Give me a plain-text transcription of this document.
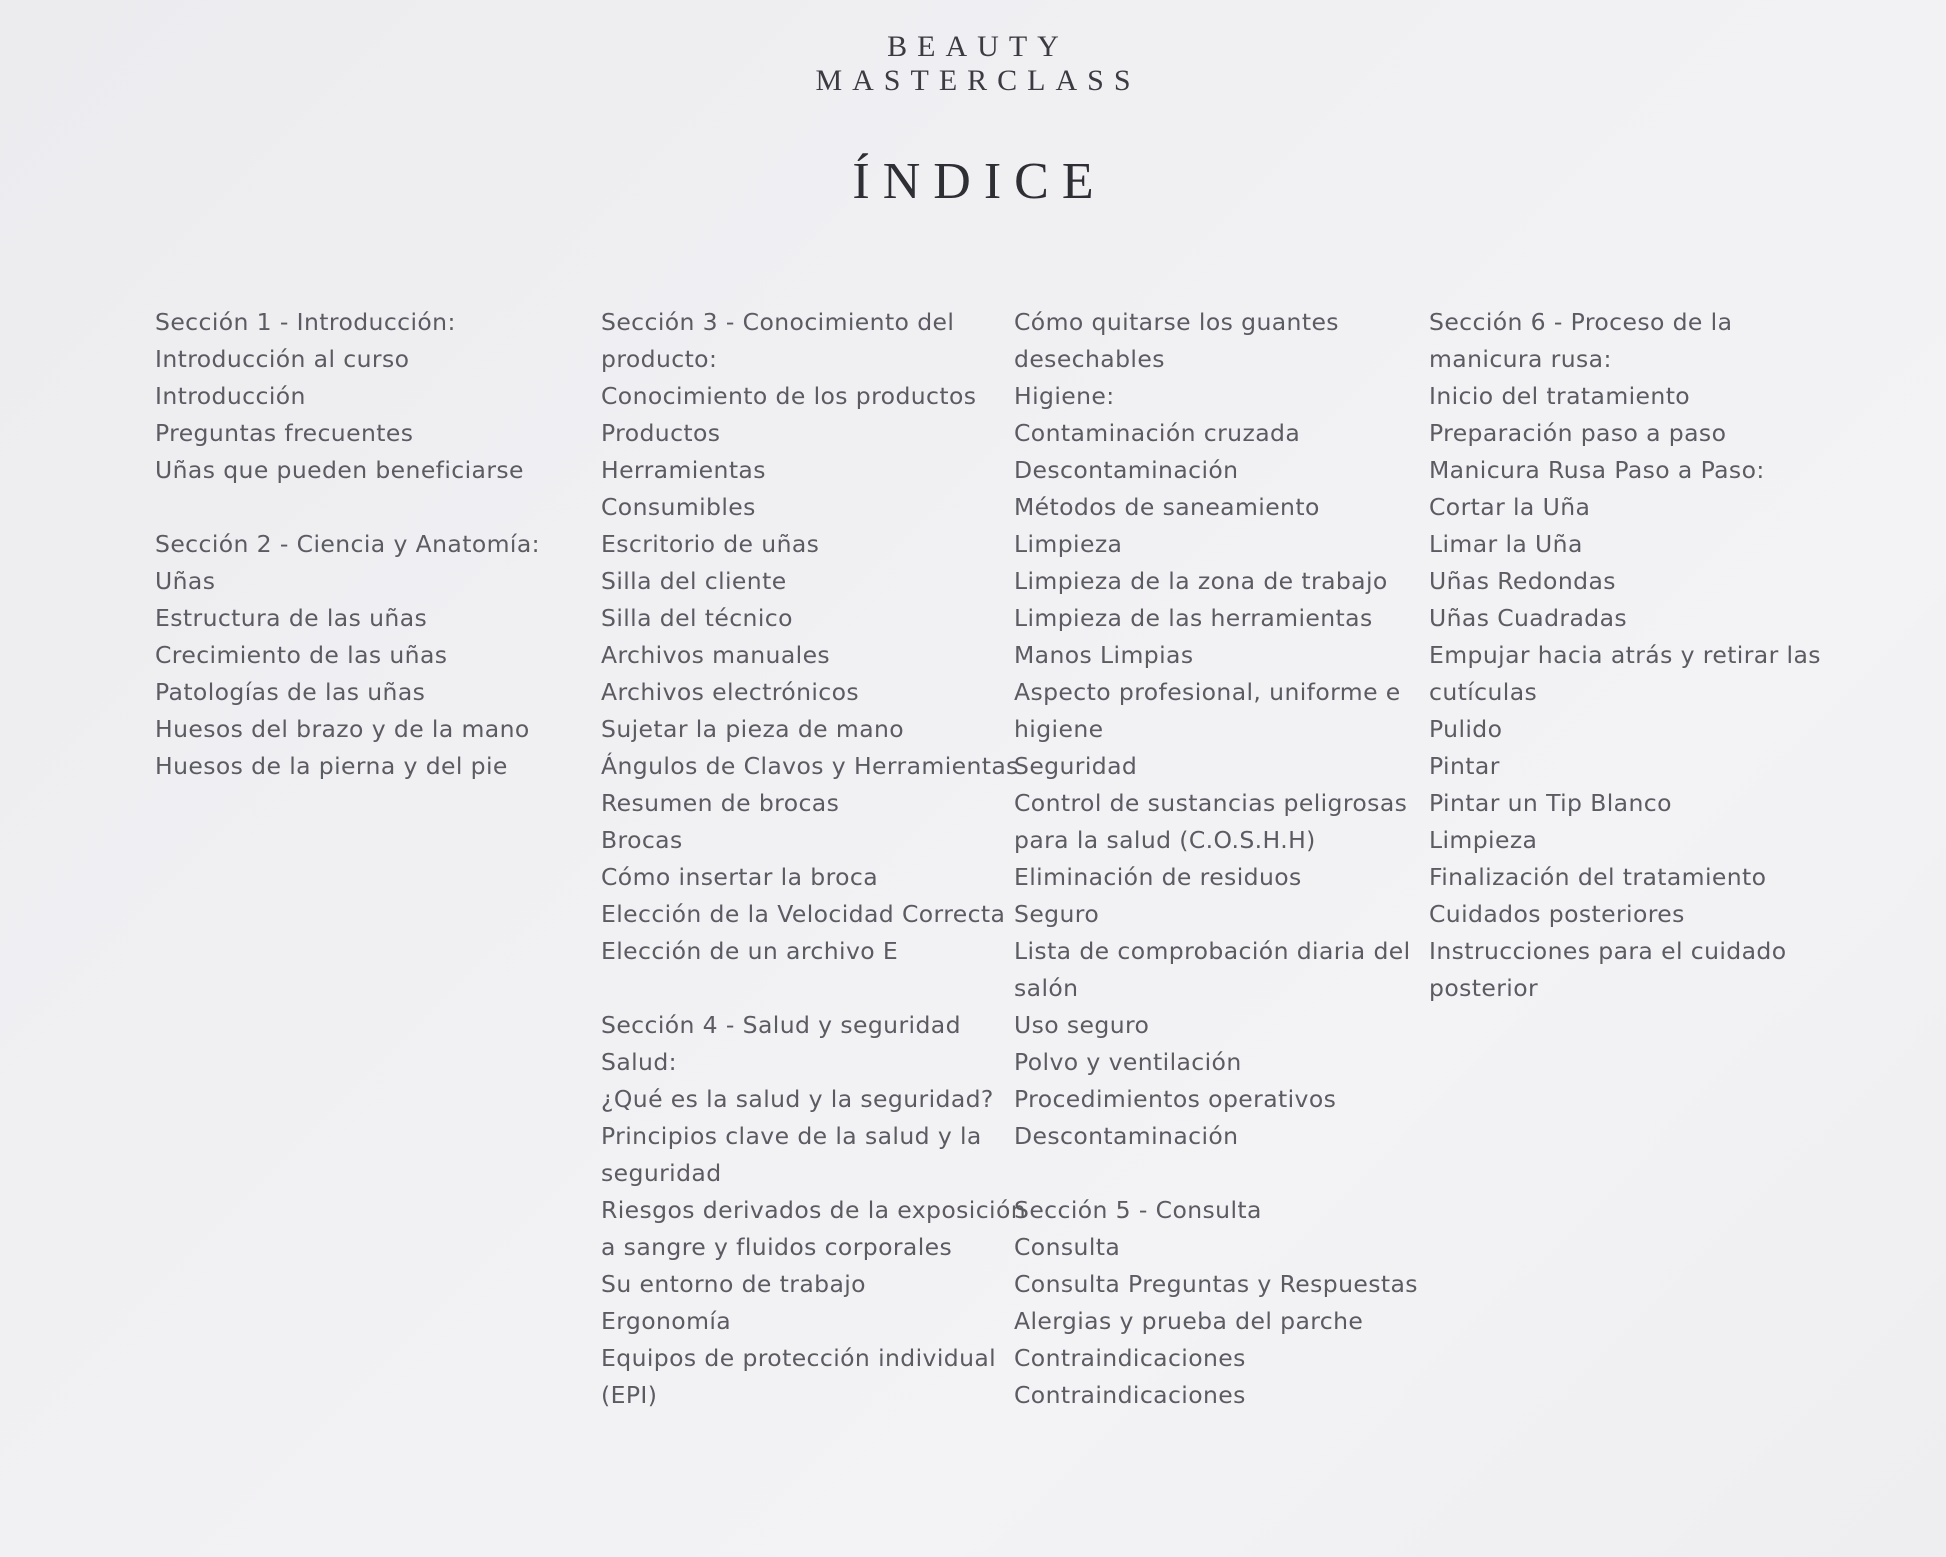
BEAUTY
MASTERCLASS
ÍNDICE
Sección 1 - Introducción:
Introducción al curso
Introducción
Preguntas frecuentes
Uñas que pueden beneficiarse
Sección 2 - Ciencia y Anatomía:
Uñas
Estructura de las uñas
Crecimiento de las uñas
Patologías de las uñas
Huesos del brazo y de la mano
Huesos de la pierna y del pie
Sección 3 - Conocimiento del
producto:
Conocimiento de los productos
Productos
Herramientas
Consumibles
Escritorio de uñas
Silla del cliente
Silla del técnico
Archivos manuales
Archivos electrónicos
Sujetar la pieza de mano
Ángulos de Clavos y Herramientas
Resumen de brocas
Brocas
Cómo insertar la broca
Elección de la Velocidad Correcta
Elección de un archivo E
Sección 4 - Salud y seguridad
Salud:
¿Qué es la salud y la seguridad?
Principios clave de la salud y la
seguridad
Riesgos derivados de la exposición
a sangre y fluidos corporales
Su entorno de trabajo
Ergonomía
Equipos de protección individual
(EPI)
Cómo quitarse los guantes
desechables
Higiene:
Contaminación cruzada
Descontaminación
Métodos de saneamiento
Limpieza
Limpieza de la zona de trabajo
Limpieza de las herramientas
Manos Limpias
Aspecto profesional, uniforme e
higiene
Seguridad
Control de sustancias peligrosas
para la salud (C.O.S.H.H)
Eliminación de residuos
Seguro
Lista de comprobación diaria del
salón
Uso seguro
Polvo y ventilación
Procedimientos operativos
Descontaminación
Sección 5 - Consulta
Consulta
Consulta Preguntas y Respuestas
Alergias y prueba del parche
Contraindicaciones
Contraindicaciones
Sección 6 - Proceso de la
manicura rusa:
Inicio del tratamiento
Preparación paso a paso
Manicura Rusa Paso a Paso:
Cortar la Uña
Limar la Uña
Uñas Redondas
Uñas Cuadradas
Empujar hacia atrás y retirar las
cutículas
Pulido
Pintar
Pintar un Tip Blanco
Limpieza
Finalización del tratamiento
Cuidados posteriores
Instrucciones para el cuidado
posterior
